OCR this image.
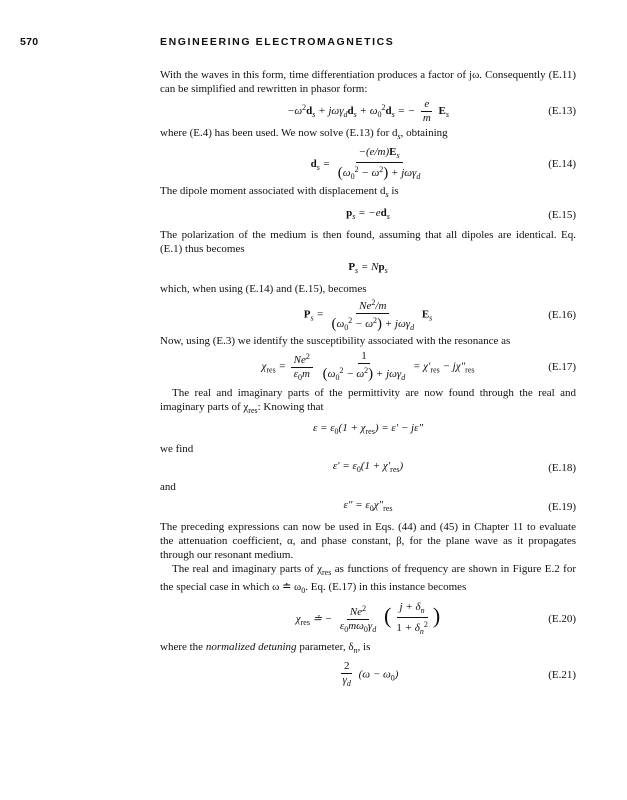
570	ENGINEERING ELECTROMAGNETICS

With the waves in this form, time differentiation produces a factor of jω. Consequently (E.11) can be simplified and rewritten in phasor form:

$-\omega^2d_s + j\omega\gamma_dd_s + \omega_0^2d_s$ = − $\frac{e}{m} E_s$	(E.13)

where (E.4) has been used. We now solve (E.13) for $d_s$, obtaining

$d_s = \frac{-(e/m)E_s}{(\omega_0^2 - \omega^2) + j\omega\gamma_d}$	(E.14)

The dipole moment associated with displacement $d_s$ is

$p_s = -ed_s$	(E.15)

The polarization of the medium is then found, assuming that all dipoles are identical. Eq. (E.1) thus becomes

$P_s = Np_s$

which, when using (E.14) and (E.15), becomes

$P_s = \frac{Ne^2/m}{(\omega_0^2 - \omega^2) + j\omega\gamma_d} E_s$	(E.16)

Now, using (E.3) we identify the susceptibility associated with the resonance as

$\chi_{res} = \frac{Ne^2}{\varepsilon_0m}$
$\frac{1}{(\omega_0^2 - \omega^2) + j\omega\gamma_d} = \chi'_{res} - j\chi''_{res}$	(E.17)

The real and imaginary parts of the permittivity are now found through the real and imaginary parts of $\chi_{res}$: Knowing that

$\varepsilon = \varepsilon_0(1 + \chi_{res}) = \varepsilon' - j\varepsilon''$

we find

$\varepsilon' = \varepsilon_0(1 + \chi'_{res})$	(E.18)

and

$\varepsilon'' = \varepsilon_0\chi''_{res}$	(E.19)

The preceding expressions can now be used in Eqs. (44) and (45) in Chapter 11 to evaluate the attenuation coefficient, α, and phase constant, β, for the plane wave as it propagates through our resonant medium.

The real and imaginary parts of $\chi_{res}$ as functions of frequency are shown in Figure E.2 for the special case in which ω ≐ $\omega_0$. Eq. (E.17) in this instance becomes

$\chi_{res}$ ≐ − $\frac{Ne^2}{\varepsilon_0m\omega_0\gamma_d}$ ( $\frac{j + \delta_n}{1 + \delta_n^2}$ )	(E.20)

where the normalized detuning parameter, $\delta_n$, is

$\frac{2}{\gamma_d} (\omega - \omega_0)$	(E.21)
